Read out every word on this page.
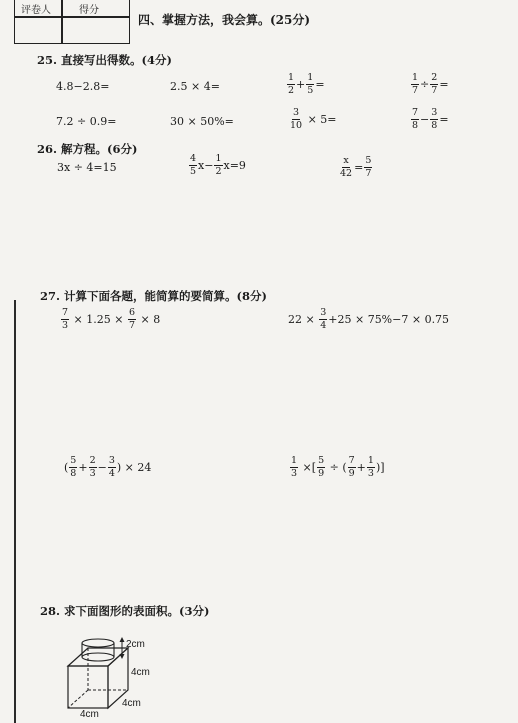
评卷人	得分
四、掌握方法，我会算。(25分)
25. 直接写出得数。(4分)
4.8−2.8=	2.5 × 4=	$\frac{1}{2} + \frac{1}{5}$ =	$\frac{1}{7} \div \frac{2}{7}$ =
7.2 ÷ 0.9=	30 × 50%=	$\frac{3}{10} \times 5=$	$\frac{7}{8} - \frac{3}{8}$ =
26. 解方程。(6分)
3x ÷ 4=15	$\frac{4}{5} x- \frac{1}{2} x=9$	$\frac{x}{42} = \frac{5}{7}$
27. 计算下面各题，能简算的要简算。(8分)
$\frac{7}{3} \times 1.25 \times \frac{6}{7} \times 8$	$22 \times \frac{3}{4} +25 \times 75\%-7 \times 0.75$
( $\frac{5}{8} + \frac{2}{3} - \frac{3}{4}$ ) × 24	$\frac{1}{3}$ ×[ $\frac{5}{9}$ ÷ ( $\frac{7}{9} + \frac{1}{3}$ )]
28. 求下面图形的表面积。(3分)
2cm
4cm
4cm
4cm
